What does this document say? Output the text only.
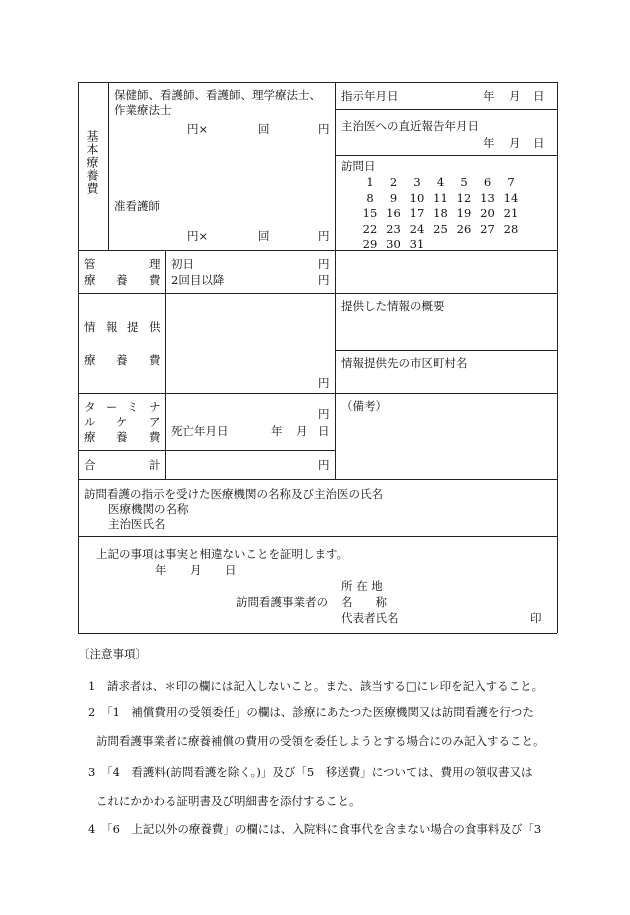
基本療養費
保健師、看護師、看護師、理学療法士、
作業療法士
円×	回	円
准看護師
円×	回	円
指示年月日	年 月 日
主治医への直近報告年月日
年 月 日
訪問日
1	2	3	4	5	6	7
8	9	10 11 12 13 14
15 16 17 18 19 20 21
22 23 24 25 26 27 28
29 30 31
管	理
療 養 費
初日	円
2回目以降	円
情 報 提 供
療 養 費
円
提供した情報の概要
情報提供先の市区町村名
タ ー ミ ナ
ル ケ ア
療 養 費
円
死亡年月日	年 月 日
（備考）
合	計	円
訪問看護の指示を受けた医療機関の名称及び主治医の氏名
医療機関の名称
主治医氏名
上記の事項は事実と相違ないことを証明します。
年 月 日
所 在 地
訪問看護事業者の 名　　称
代表者氏名	印
〔注意事項〕
1　請求者は、＊印の欄には記入しないこと。また、該当する□にレ印を記入すること。
2　「1　補償費用の受領委任」の欄は、診療にあたつた医療機関又は訪問看護を行つた
訪問看護事業者に療養補償の費用の受領を委任しようとする場合にのみ記入すること。
3　「4　看護料(訪問看護を除く。)」及び「5　移送費」については、費用の領収書又は
これにかかわる証明書及び明細書を添付すること。
4　「6　上記以外の療養費」の欄には、入院料に食事代を含まない場合の食事料及び「3
